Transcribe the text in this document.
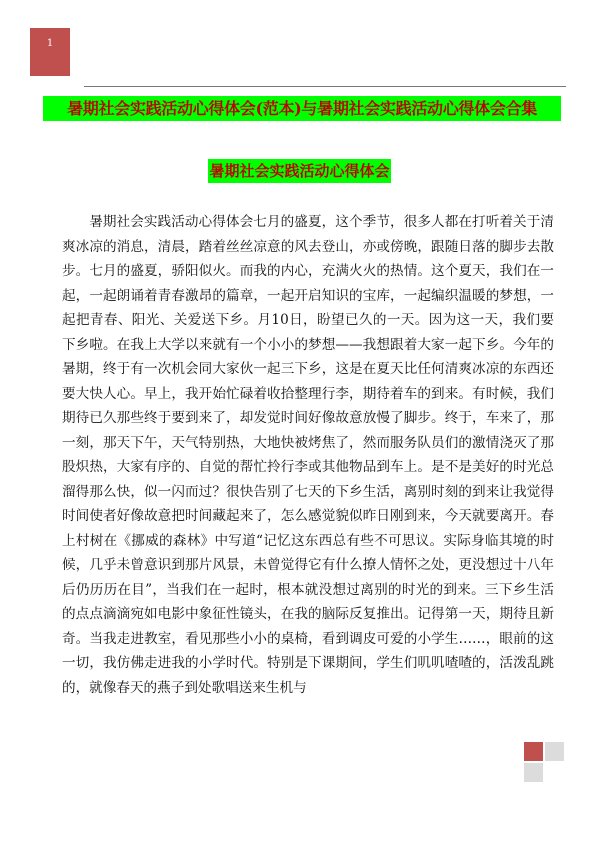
1
暑期社会实践活动心得体会(范本)与暑期社会实践活动心得体会合集
暑期社会实践活动心得体会

暑期社会实践活动心得体会七月的盛夏，这个季节，很多人都在打听着关于清爽冰凉的消息，清晨，踏着丝丝凉意的风去登山，亦或傍晚，跟随日落的脚步去散步。七月的盛夏，骄阳似火。而我的内心，充满火火的热情。这个夏天，我们在一起，一起朗诵着青春激昂的篇章，一起开启知识的宝库，一起编织温暖的梦想，一起把青春、阳光、关爱送下乡。月10日，盼望已久的一天。因为这一天，我们要下乡啦。在我上大学以来就有一个小小的梦想——我想跟着大家一起下乡。今年的暑期，终于有一次机会同大家伙一起三下乡，这是在夏天比任何清爽冰凉的东西还要大快人心。早上，我开始忙碌着收拾整理行李，期待着车的到来。有时候，我们期待已久那些终于要到来了，却发觉时间好像故意放慢了脚步。终于，车来了，那一刻，那天下午，天气特别热，大地快被烤焦了，然而服务队员们的激情浇灭了那股炽热，大家有序的、自觉的帮忙拎行李或其他物品到车上。是不是美好的时光总溜得那么快，似一闪而过？很快告别了七天的下乡生活，离别时刻的到来让我觉得时间使者好像故意把时间藏起来了，怎么感觉貌似昨日刚到来，今天就要离开。春上村树在《挪威的森林》中写道“记忆这东西总有些不可思议。实际身临其境的时候，几乎未曾意识到那片风景，未曾觉得它有什么撩人情怀之处，更没想过十八年后仍历历在目”，当我们在一起时，根本就没想过离别的时光的到来。三下乡生活的点点滴滴宛如电影中象征性镜头，在我的脑际反复推出。记得第一天，期待且新奇。当我走进教室，看见那些小小的桌椅，看到调皮可爱的小学生……，眼前的这一切，我仿佛走进我的小学时代。特别是下课期间，学生们叽叽喳喳的，活泼乱跳的，就像春天的燕子到处歌唱送来生机与
